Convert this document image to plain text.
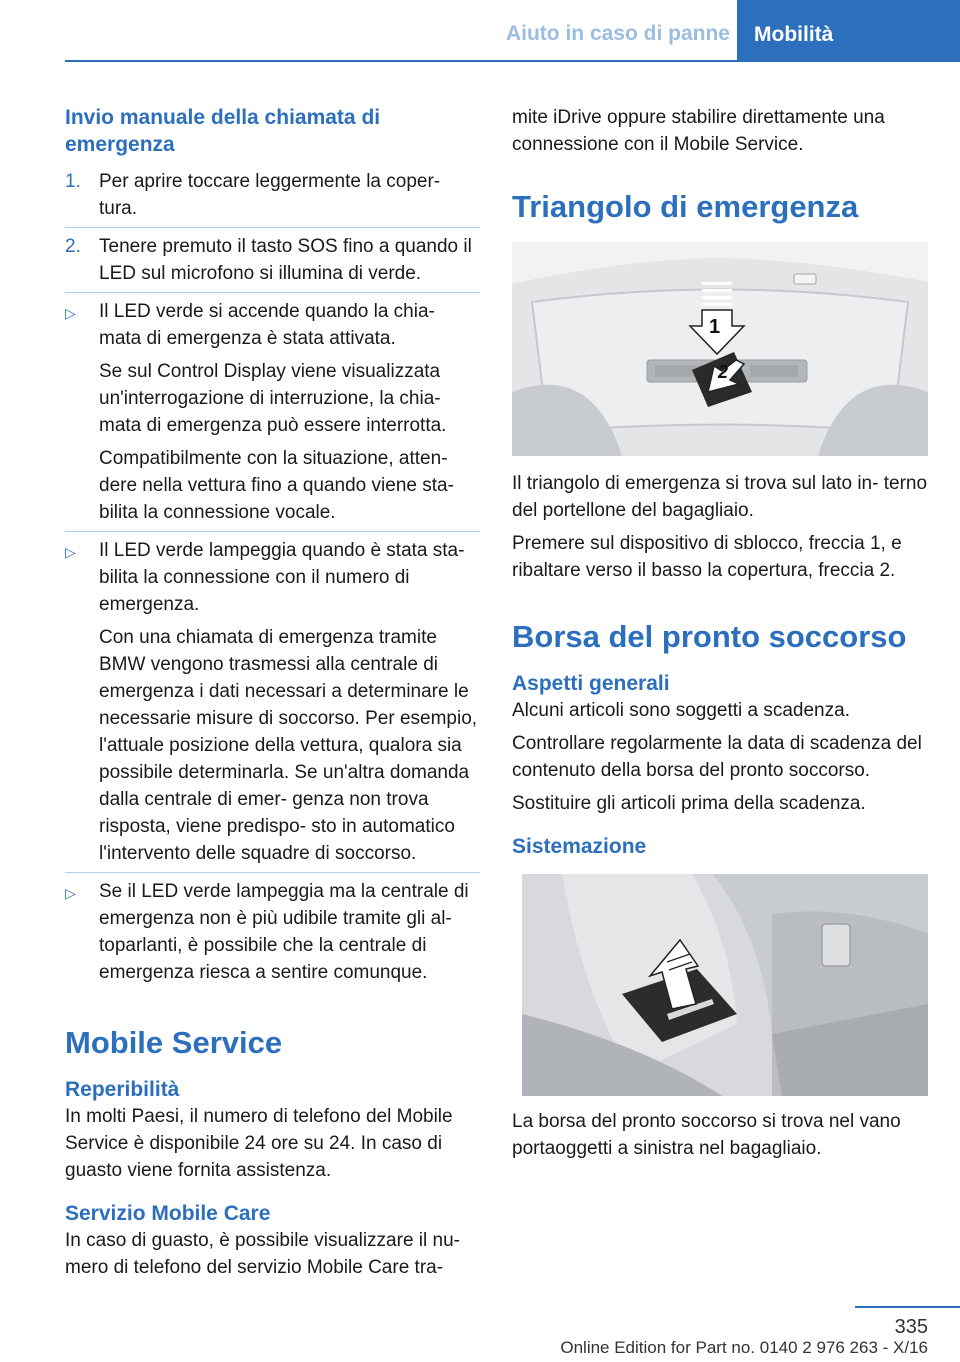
Aiuto in caso di panne	Mobilità
Invio manuale della chiamata di emergenza
1. Per aprire toccare leggermente la coper- tura.
2. Tenere premuto il tasto SOS fino a quando il LED sul microfono si illumina di verde.
▷ Il LED verde si accende quando la chia- mata di emergenza è stata attivata.
Se sul Control Display viene visualizzata un'interrogazione di interruzione, la chia- mata di emergenza può essere interrotta.
Compatibilmente con la situazione, atten- dere nella vettura fino a quando viene sta- bilita la connessione vocale.
▷ Il LED verde lampeggia quando è stata sta- bilita la connessione con il numero di emergenza.
Con una chiamata di emergenza tramite BMW vengono trasmessi alla centrale di emergenza i dati necessari a determinare le necessarie misure di soccorso. Per esempio, l'attuale posizione della vettura, qualora sia possibile determinarla. Se un'altra domanda dalla centrale di emer- genza non trova risposta, viene predispo- sto in automatico l'intervento delle squadre di soccorso.
▷ Se il LED verde lampeggia ma la centrale di emergenza non è più udibile tramite gli al- toparlanti, è possibile che la centrale di emergenza riesca a sentire comunque.
Mobile Service
Reperibilità

In molti Paesi, il numero di telefono del Mobile Service è disponibile 24 ore su 24. In caso di guasto viene fornita assistenza.

Servizio Mobile Care

In caso di guasto, è possibile visualizzare il nu- mero di telefono del servizio Mobile Care tra-

mite iDrive oppure stabilire direttamente una connessione con il Mobile Service.

Triangolo di emergenza
1
2

Il triangolo di emergenza si trova sul lato in- terno del portellone del bagagliaio.

Premere sul dispositivo di sblocco, freccia 1, e ribaltare verso il basso la copertura, freccia 2.

Borsa del pronto soccorso
Aspetti generali

Alcuni articoli sono soggetti a scadenza.

Controllare regolarmente la data di scadenza del contenuto della borsa del pronto soccorso.

Sostituire gli articoli prima della scadenza.

Sistemazione

La borsa del pronto soccorso si trova nel vano portaoggetti a sinistra nel bagagliaio.

335
Online Edition for Part no. 0140 2 976 263 - X/16
